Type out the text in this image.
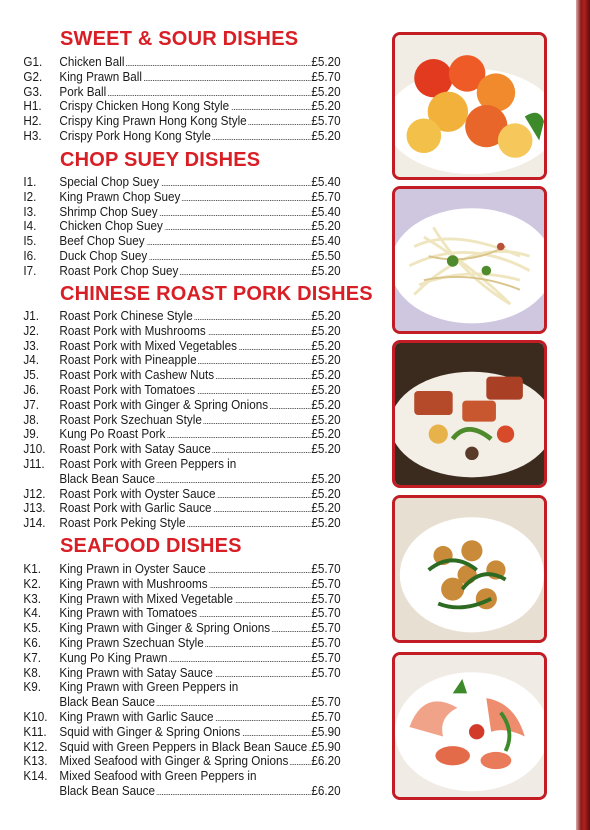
SWEET & SOUR DISHES
G1.	Chicken Ball	£5.20
G2.	King Prawn Ball	£5.70
G3.	Pork Ball	£5.20
H1.	Crispy Chicken Hong Kong Style	£5.20
H2.	Crispy King Prawn Hong Kong Style	£5.70
H3.	Crispy Pork Hong Kong Style	£5.20
CHOP SUEY DISHES
I1.	Special Chop Suey	£5.40
I2.	King Prawn Chop Suey	£5.70
I3.	Shrimp Chop Suey	£5.40
I4.	Chicken Chop Suey	£5.20
I5.	Beef Chop Suey	£5.40
I6.	Duck Chop Suey	£5.50
I7.	Roast Pork Chop Suey	£5.20
CHINESE ROAST PORK DISHES
J1.	Roast Pork Chinese Style	£5.20
J2.	Roast Pork with Mushrooms	£5.20
J3.	Roast Pork with Mixed Vegetables	£5.20
J4.	Roast Pork with Pineapple	£5.20
J5.	Roast Pork with Cashew Nuts	£5.20
J6.	Roast Pork with Tomatoes	£5.20
J7.	Roast Pork with Ginger & Spring Onions	£5.20
J8.	Roast Pork Szechuan Style	£5.20
J9.	Kung Po Roast Pork	£5.20
J10.	Roast Pork with Satay Sauce	£5.20
J11.	Roast Pork with Green Peppers in
Black Bean Sauce	£5.20
J12.	Roast Pork with Oyster Sauce	£5.20
J13.	Roast Pork with Garlic Sauce	£5.20
J14.	Roast Pork Peking Style	£5.20
SEAFOOD DISHES
K1.	King Prawn in Oyster Sauce	£5.70
K2.	King Prawn with Mushrooms	£5.70
K3.	King Prawn with Mixed Vegetable	£5.70
K4.	King Prawn with Tomatoes	£5.70
K5.	King Prawn with Ginger & Spring Onions	£5.70
K6.	King Prawn Szechuan Style	£5.70
K7.	Kung Po King Prawn	£5.70
K8.	King Prawn with Satay Sauce	£5.70
K9.	King Prawn with Green Peppers in
Black Bean Sauce	£5.70
K10. King Prawn with Garlic Sauce	£5.70
K11. Squid with Ginger & Spring Onions	£5.90
K12. Squid with Green Peppers in Black Bean Sauce £5.90
K13. Mixed Seafood with Ginger & Spring Onions £6.20
K14. Mixed Seafood with Green Peppers in
Black Bean Sauce	£6.20
